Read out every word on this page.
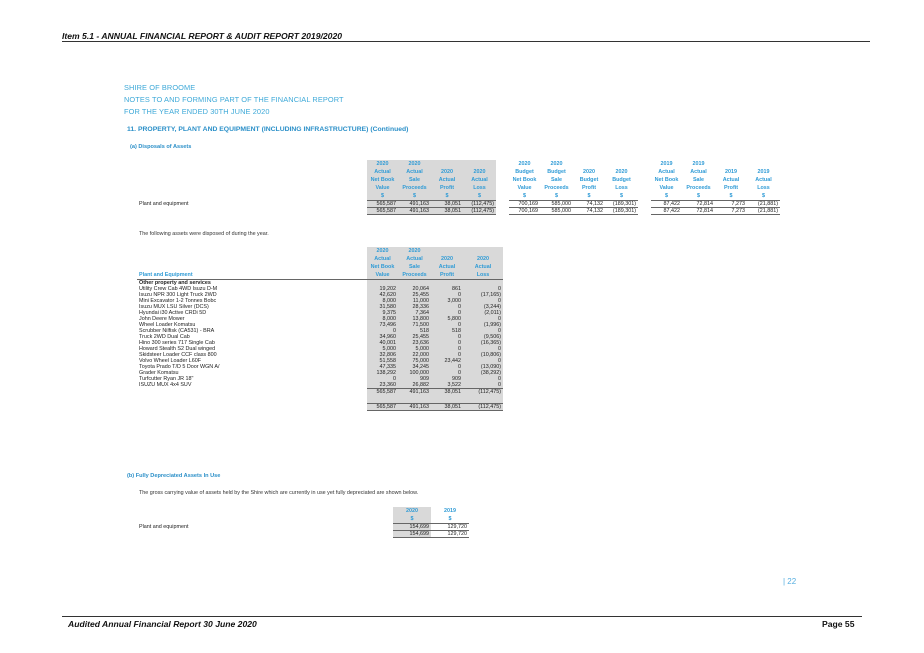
Item 5.1 - ANNUAL FINANCIAL REPORT & AUDIT REPORT 2019/2020
SHIRE OF BROOME
NOTES TO AND FORMING PART OF THE FINANCIAL REPORT
FOR THE YEAR ENDED 30TH JUNE 2020
11. PROPERTY, PLANT AND EQUIPMENT (INCLUDING INFRASTRUCTURE) (Continued)
(a) Disposals of Assets
	2020	2020				2020	2020				2019	2019		
	Actual	Actual	2020	2020		Budget	Budget	2020	2020		Actual	Actual	2019	2019
	Net Book	Sale	Actual	Actual		Net Book	Sale	Budget	Budget		Net Book	Sale	Actual	Actual
	Value	Proceeds	Profit	Loss		Value	Proceeds	Profit	Loss		Value	Proceeds	Profit	Loss
	$	$	$	$		$	$	$	$		$	$	$	$
Plant and equipment	565,587	491,163	38,051	(112,475)		700,169	585,000	74,132	(189,301)		87,422	72,814	7,273	(21,881)
	565,587	491,163	38,051	(112,475)		700,169	585,000	74,132	(189,301)		87,422	72,814	7,273	(21,881)
The following assets were disposed of during the year.
	2020	2020		
	Actual	Actual	2020	2020
	Net Book	Sale	Actual	Actual
Plant and Equipment	Value	Proceeds	Profit	Loss
Other property and services				
Utility Crew Cab 4WD Isuzu D-M	19,202	20,064	861	0
Isuzu NPR 300 Light Truck 2WD	42,620	25,455	0	(17,165)
Mini Excavator 1-2 Tonnes Bobc	8,000	11,000	3,000	0
Isuzu MUX LSU Silver (DCS)	31,580	28,336	0	(3,244)
Hyundai i30 Active CRDi 5D	9,375	7,364	0	(2,011)
John Deere Mower	8,000	13,800	5,800	0
Wheel Loader Komatsu	73,496	71,500	0	(1,996)
Scrubber Nilfisk (CA531) - BRA	0	518	518	0
Truck 2WD Dual Cab	34,960	25,455	0	(9,506)
Hino 300 series 717 Single Cab	40,001	23,636	0	(16,365)
Howard Stealth S2 Dual winged	5,000	5,000	0	0
Skidsteer Loader CCF class 800	32,806	22,000	0	(10,806)
Volvo Wheel Loader L60F	51,558	75,000	23,442	0
Toyota Prado T/D 5 Door WGN A/	47,335	34,245	0	(13,090)
Grader Komatsu	138,292	100,000	0	(38,292)
Turfcutter Ryan JR 18"	0	909	909	0
ISUZU MUX 4x4 SUV	23,360	26,882	3,522	0
	565,587	491,163	38,051	(112,475)

	565,587	491,163	38,051	(112,475)
(b) Fully Depreciated Assets In Use
The gross carrying value of assets held by the Shire which are currently in use yet fully depreciated are shown below.
	2020	2019
	$	$
Plant and equipment	154,699	129,720
	154,699	129,720
| 22
Audited Annual Financial Report 30 June 2020	Page 55
